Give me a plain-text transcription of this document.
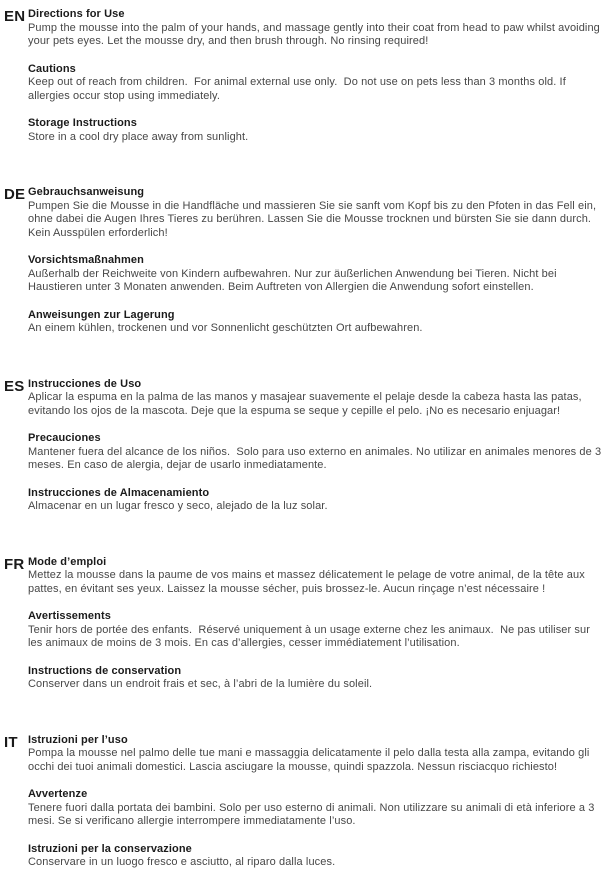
EN Directions for Use

Pump the mousse into the palm of your hands, and massage gently into their coat from head to paw whilst avoiding your pets eyes. Let the mousse dry, and then brush through. No rinsing required!

Cautions

Keep out of reach from children.  For animal external use only.  Do not use on pets less than 3 months old. If allergies occur stop using immediately.

Storage Instructions

Store in a cool dry place away from sunlight.

DE Gebrauchsanweisung

Pumpen Sie die Mousse in die Handfläche und massieren Sie sie sanft vom Kopf bis zu den Pfoten in das Fell ein, ohne dabei die Augen Ihres Tieres zu berühren. Lassen Sie die Mousse trocknen und bürsten Sie sie dann durch. Kein Ausspülen erforderlich!

Vorsichtsmaßnahmen

Außerhalb der Reichweite von Kindern aufbewahren. Nur zur äußerlichen Anwendung bei Tieren. Nicht bei Haustieren unter 3 Monaten anwenden. Beim Auftreten von Allergien die Anwendung sofort einstellen.

Anweisungen zur Lagerung

An einem kühlen, trockenen und vor Sonnenlicht geschützten Ort aufbewahren.

ES Instrucciones de Uso

Aplicar la espuma en la palma de las manos y masajear suavemente el pelaje desde la cabeza hasta las patas, evitando los ojos de la mascota. Deje que la espuma se seque y cepille el pelo. ¡No es necesario enjuagar!

Precauciones

Mantener fuera del alcance de los niños.  Solo para uso externo en animales. No utilizar en animales menores de 3 meses. En caso de alergia, dejar de usarlo inmediatamente.

Instrucciones de Almacenamiento

Almacenar en un lugar fresco y seco, alejado de la luz solar.

FR Mode d’emploi

Mettez la mousse dans la paume de vos mains et massez délicatement le pelage de votre animal, de la tête aux pattes, en évitant ses yeux. Laissez la mousse sécher, puis brossez-le. Aucun rinçage n’est nécessaire !

Avertissements

Tenir hors de portée des enfants.  Réservé uniquement à un usage externe chez les animaux.  Ne pas utiliser sur les animaux de moins de 3 mois. En cas d’allergies, cesser immédiatement l’utilisation.

Instructions de conservation

Conserver dans un endroit frais et sec, à l’abri de la lumière du soleil.

IT Istruzioni per l’uso

Pompa la mousse nel palmo delle tue mani e massaggia delicatamente il pelo dalla testa alla zampa, evitando gli occhi dei tuoi animali domestici. Lascia asciugare la mousse, quindi spazzola. Nessun risciacquo richiesto!

Avvertenze

Tenere fuori dalla portata dei bambini. Solo per uso esterno di animali. Non utilizzare su animali di età inferiore a 3 mesi. Se si verificano allergie interrompere immediatamente l’uso.

Istruzioni per la conservazione

Conservare in un luogo fresco e asciutto, al riparo dalla luces.
